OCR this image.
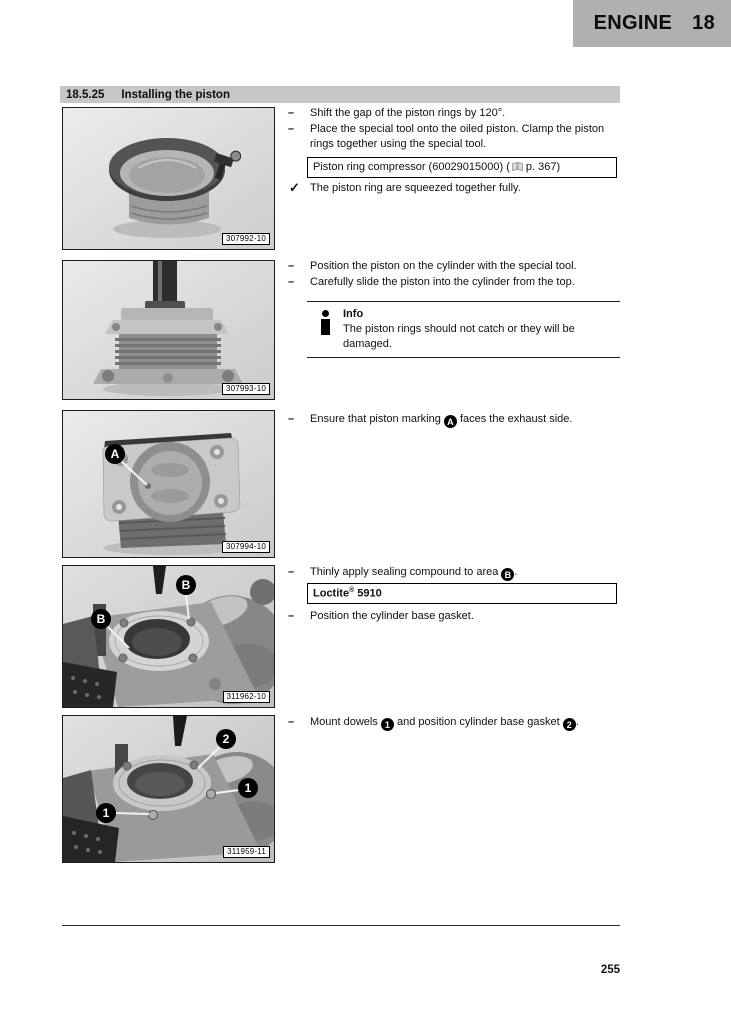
ENGINE 18
18.5.25 Installing the piston
307992-10
307993-10
A
307994-10
B
B
311962-10
2
1
1
311959-11
– Shift the gap of the piston rings by 120°.
– Place the special tool onto the oiled piston. Clamp the piston rings together using the special tool.
Piston ring compressor (60029015000) ( p. 367)
✓ The piston ring are squeezed together fully.
– Position the piston on the cylinder with the special tool.
– Carefully slide the piston into the cylinder from the top.
Info
The piston rings should not catch or they will be damaged.
– Ensure that piston marking A faces the exhaust side.
– Thinly apply sealing compound to area B .
Loctite® 5910
– Position the cylinder base gasket.
– Mount dowels 1 and position cylinder base gasket 2 .
255
